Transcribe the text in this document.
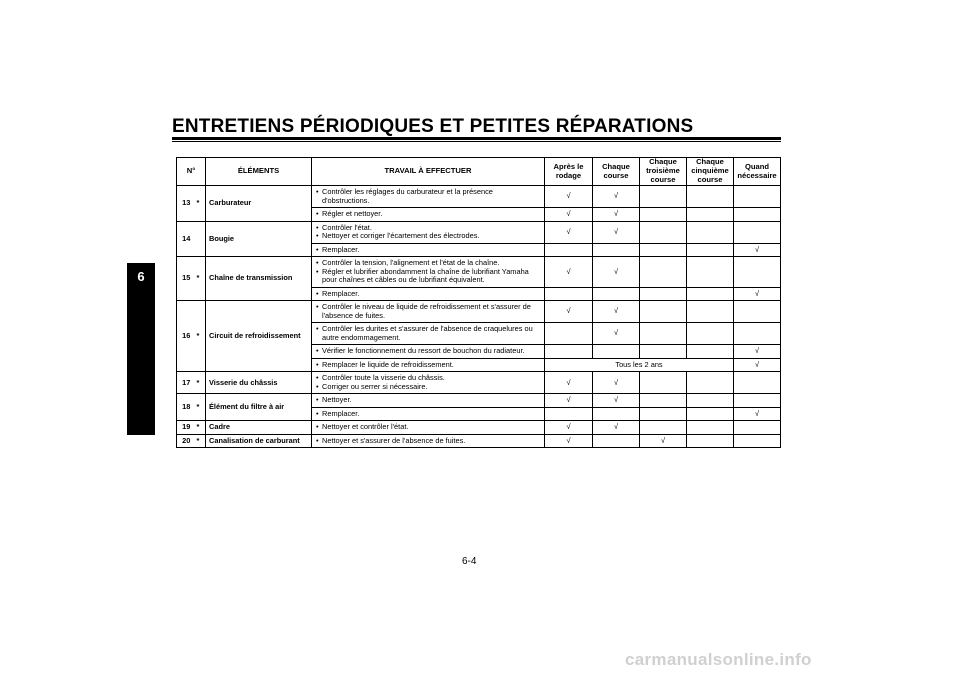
ENTRETIENS PÉRIODIQUES ET PETITES RÉPARATIONS
6
N°		ÉLÉMENTS	TRAVAIL À EFFECTUER	Après le rodage	Chaque course	Chaque troisième course	Chaque cinquième course	Quand nécessaire
13	*	Carburateur	• Contrôler les réglages du carburateur et la présence d'obstructions.	√	√			

			• Régler et nettoyer.	√	√			
14		Bougie	• Contrôler l'état.
• Nettoyer et corriger l'écartement des électrodes.	√	√			

			• Remplacer.					√
15	*	Chaîne de transmission	• Contrôler la tension, l'alignement et l'état de la chaîne.
• Régler et lubrifier abondamment la chaîne de lubrifiant Yamaha pour chaînes et câbles ou de lubrifiant équivalent.	√	√			

			• Remplacer.					√
16	*	Circuit de refroidissement	• Contrôler le niveau de liquide de refroidissement et s'assurer de l'absence de fuites.	√	√			

			• Contrôler les durites et s'assurer de l'absence de craquelures ou autre endommagement.		√			

			• Vérifier le fonctionnement du ressort de bouchon du radiateur.					√

			• Remplacer le liquide de refroidissement.	Tous les 2 ans				√
17	*	Visserie du châssis	• Contrôler toute la visserie du châssis.
• Corriger ou serrer si nécessaire.	√	√			
18	*	Élément du filtre à air	• Nettoyer.	√	√			

			• Remplacer.					√
19	*	Cadre	• Nettoyer et contrôler l'état.	√	√			
20	*	Canalisation de carburant	• Nettoyer et s'assurer de l'absence de fuites.	√		√		
6-4
carmanualsonline.info
